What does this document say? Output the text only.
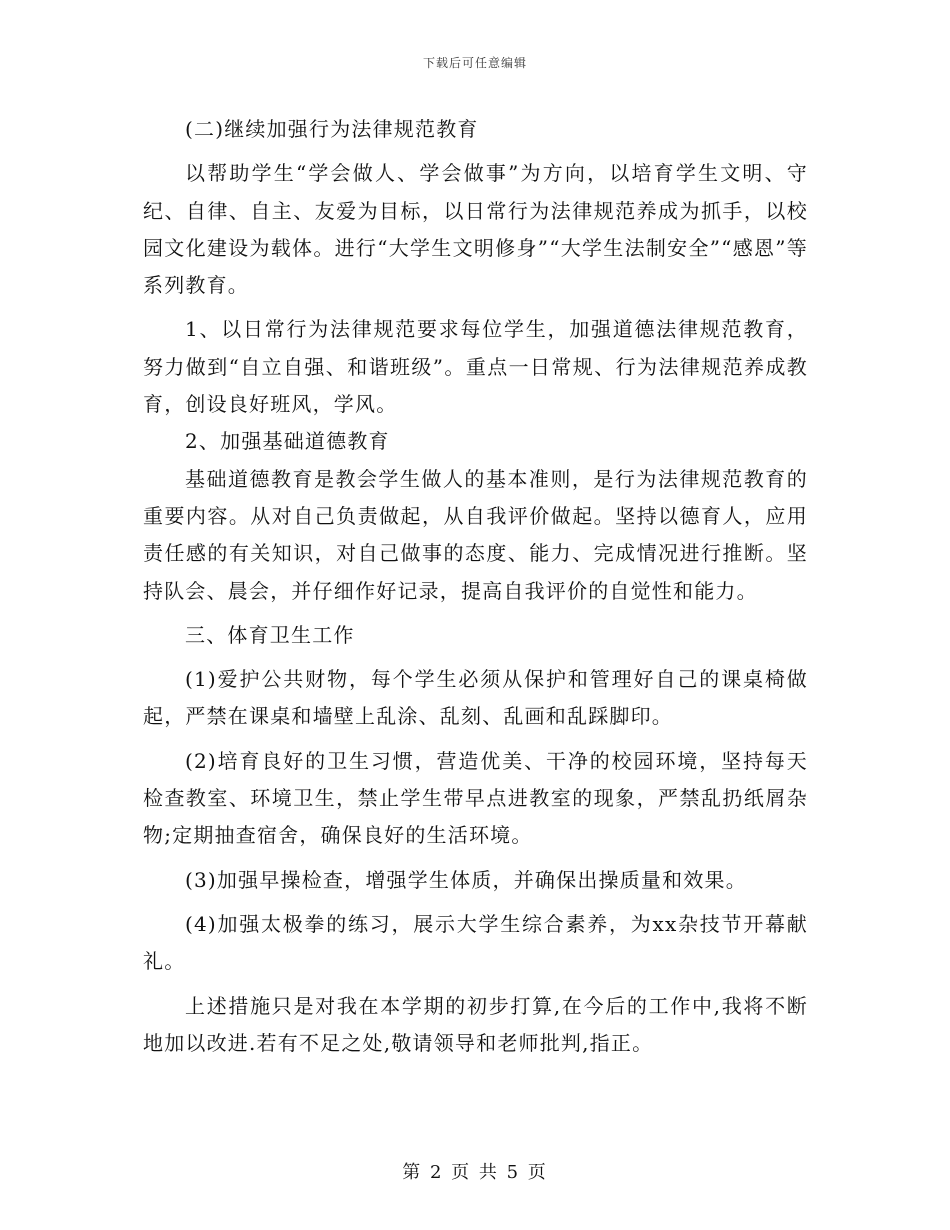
下载后可任意编辑

(二)继续加强行为法律规范教育

以帮助学生“学会做人、学会做事”为方向，以培育学生文明、守纪、自律、自主、友爱为目标，以日常行为法律规范养成为抓手，以校园文化建设为载体。进行“大学生文明修身”“大学生法制安全”“感恩”等系列教育。

1、以日常行为法律规范要求每位学生，加强道德法律规范教育，努力做到“自立自强、和谐班级”。重点一日常规、行为法律规范养成教育，创设良好班风，学风。

2、加强基础道德教育

基础道德教育是教会学生做人的基本准则，是行为法律规范教育的重要内容。从对自己负责做起，从自我评价做起。坚持以德育人，应用责任感的有关知识，对自己做事的态度、能力、完成情况进行推断。坚持队会、晨会，并仔细作好记录，提高自我评价的自觉性和能力。

三、体育卫生工作

(1)爱护公共财物，每个学生必须从保护和管理好自己的课桌椅做起，严禁在课桌和墙壁上乱涂、乱刻、乱画和乱踩脚印。

(2)培育良好的卫生习惯，营造优美、干净的校园环境，坚持每天检查教室、环境卫生，禁止学生带早点进教室的现象，严禁乱扔纸屑杂物;定期抽查宿舍，确保良好的生活环境。

(3)加强早操检查，增强学生体质，并确保出操质量和效果。

(4)加强太极拳的练习，展示大学生综合素养，为xx杂技节开幕献礼。

上述措施只是对我在本学期的初步打算,在今后的工作中,我将不断地加以改进.若有不足之处,敬请领导和老师批判,指正。

第 2 页 共 5 页
